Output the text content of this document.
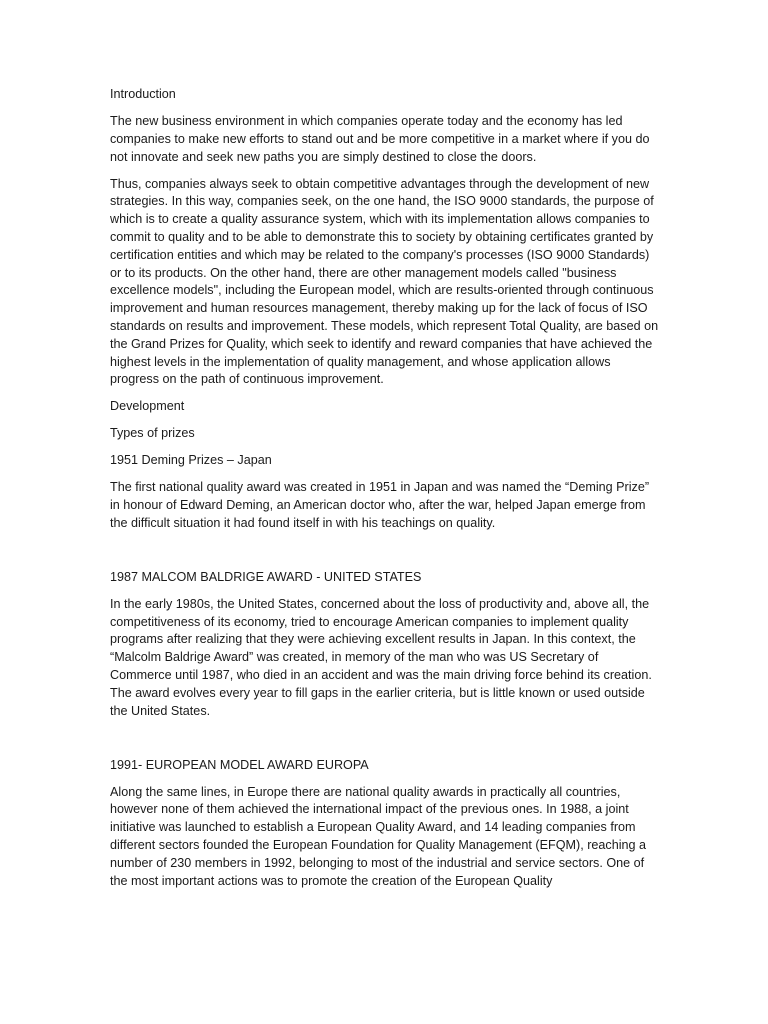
Introduction

The new business environment in which companies operate today and the economy has led companies to make new efforts to stand out and be more competitive in a market where if you do not innovate and seek new paths you are simply destined to close the doors.

Thus, companies always seek to obtain competitive advantages through the development of new strategies. In this way, companies seek, on the one hand, the ISO 9000 standards, the purpose of which is to create a quality assurance system, which with its implementation allows companies to commit to quality and to be able to demonstrate this to society by obtaining certificates granted by certification entities and which may be related to the company's processes (ISO 9000 Standards) or to its products. On the other hand, there are other management models called "business excellence models", including the European model, which are results-oriented through continuous improvement and human resources management, thereby making up for the lack of focus of ISO standards on results and improvement. These models, which represent Total Quality, are based on the Grand Prizes for Quality, which seek to identify and reward companies that have achieved the highest levels in the implementation of quality management, and whose application allows progress on the path of continuous improvement.

Development

Types of prizes

1951 Deming Prizes – Japan

The first national quality award was created in 1951 in Japan and was named the “Deming Prize” in honour of Edward Deming, an American doctor who, after the war, helped Japan emerge from the difficult situation it had found itself in with his teachings on quality.

1987 MALCOM BALDRIGE AWARD - UNITED STATES

In the early 1980s, the United States, concerned about the loss of productivity and, above all, the competitiveness of its economy, tried to encourage American companies to implement quality programs after realizing that they were achieving excellent results in Japan. In this context, the “Malcolm Baldrige Award” was created, in memory of the man who was US Secretary of Commerce until 1987, who died in an accident and was the main driving force behind its creation. The award evolves every year to fill gaps in the earlier criteria, but is little known or used outside the United States.

1991- EUROPEAN MODEL AWARD EUROPA

Along the same lines, in Europe there are national quality awards in practically all countries, however none of them achieved the international impact of the previous ones. In 1988, a joint initiative was launched to establish a European Quality Award, and 14 leading companies from different sectors founded the European Foundation for Quality Management (EFQM), reaching a number of 230 members in 1992, belonging to most of the industrial and service sectors. One of the most important actions was to promote the creation of the European Quality
